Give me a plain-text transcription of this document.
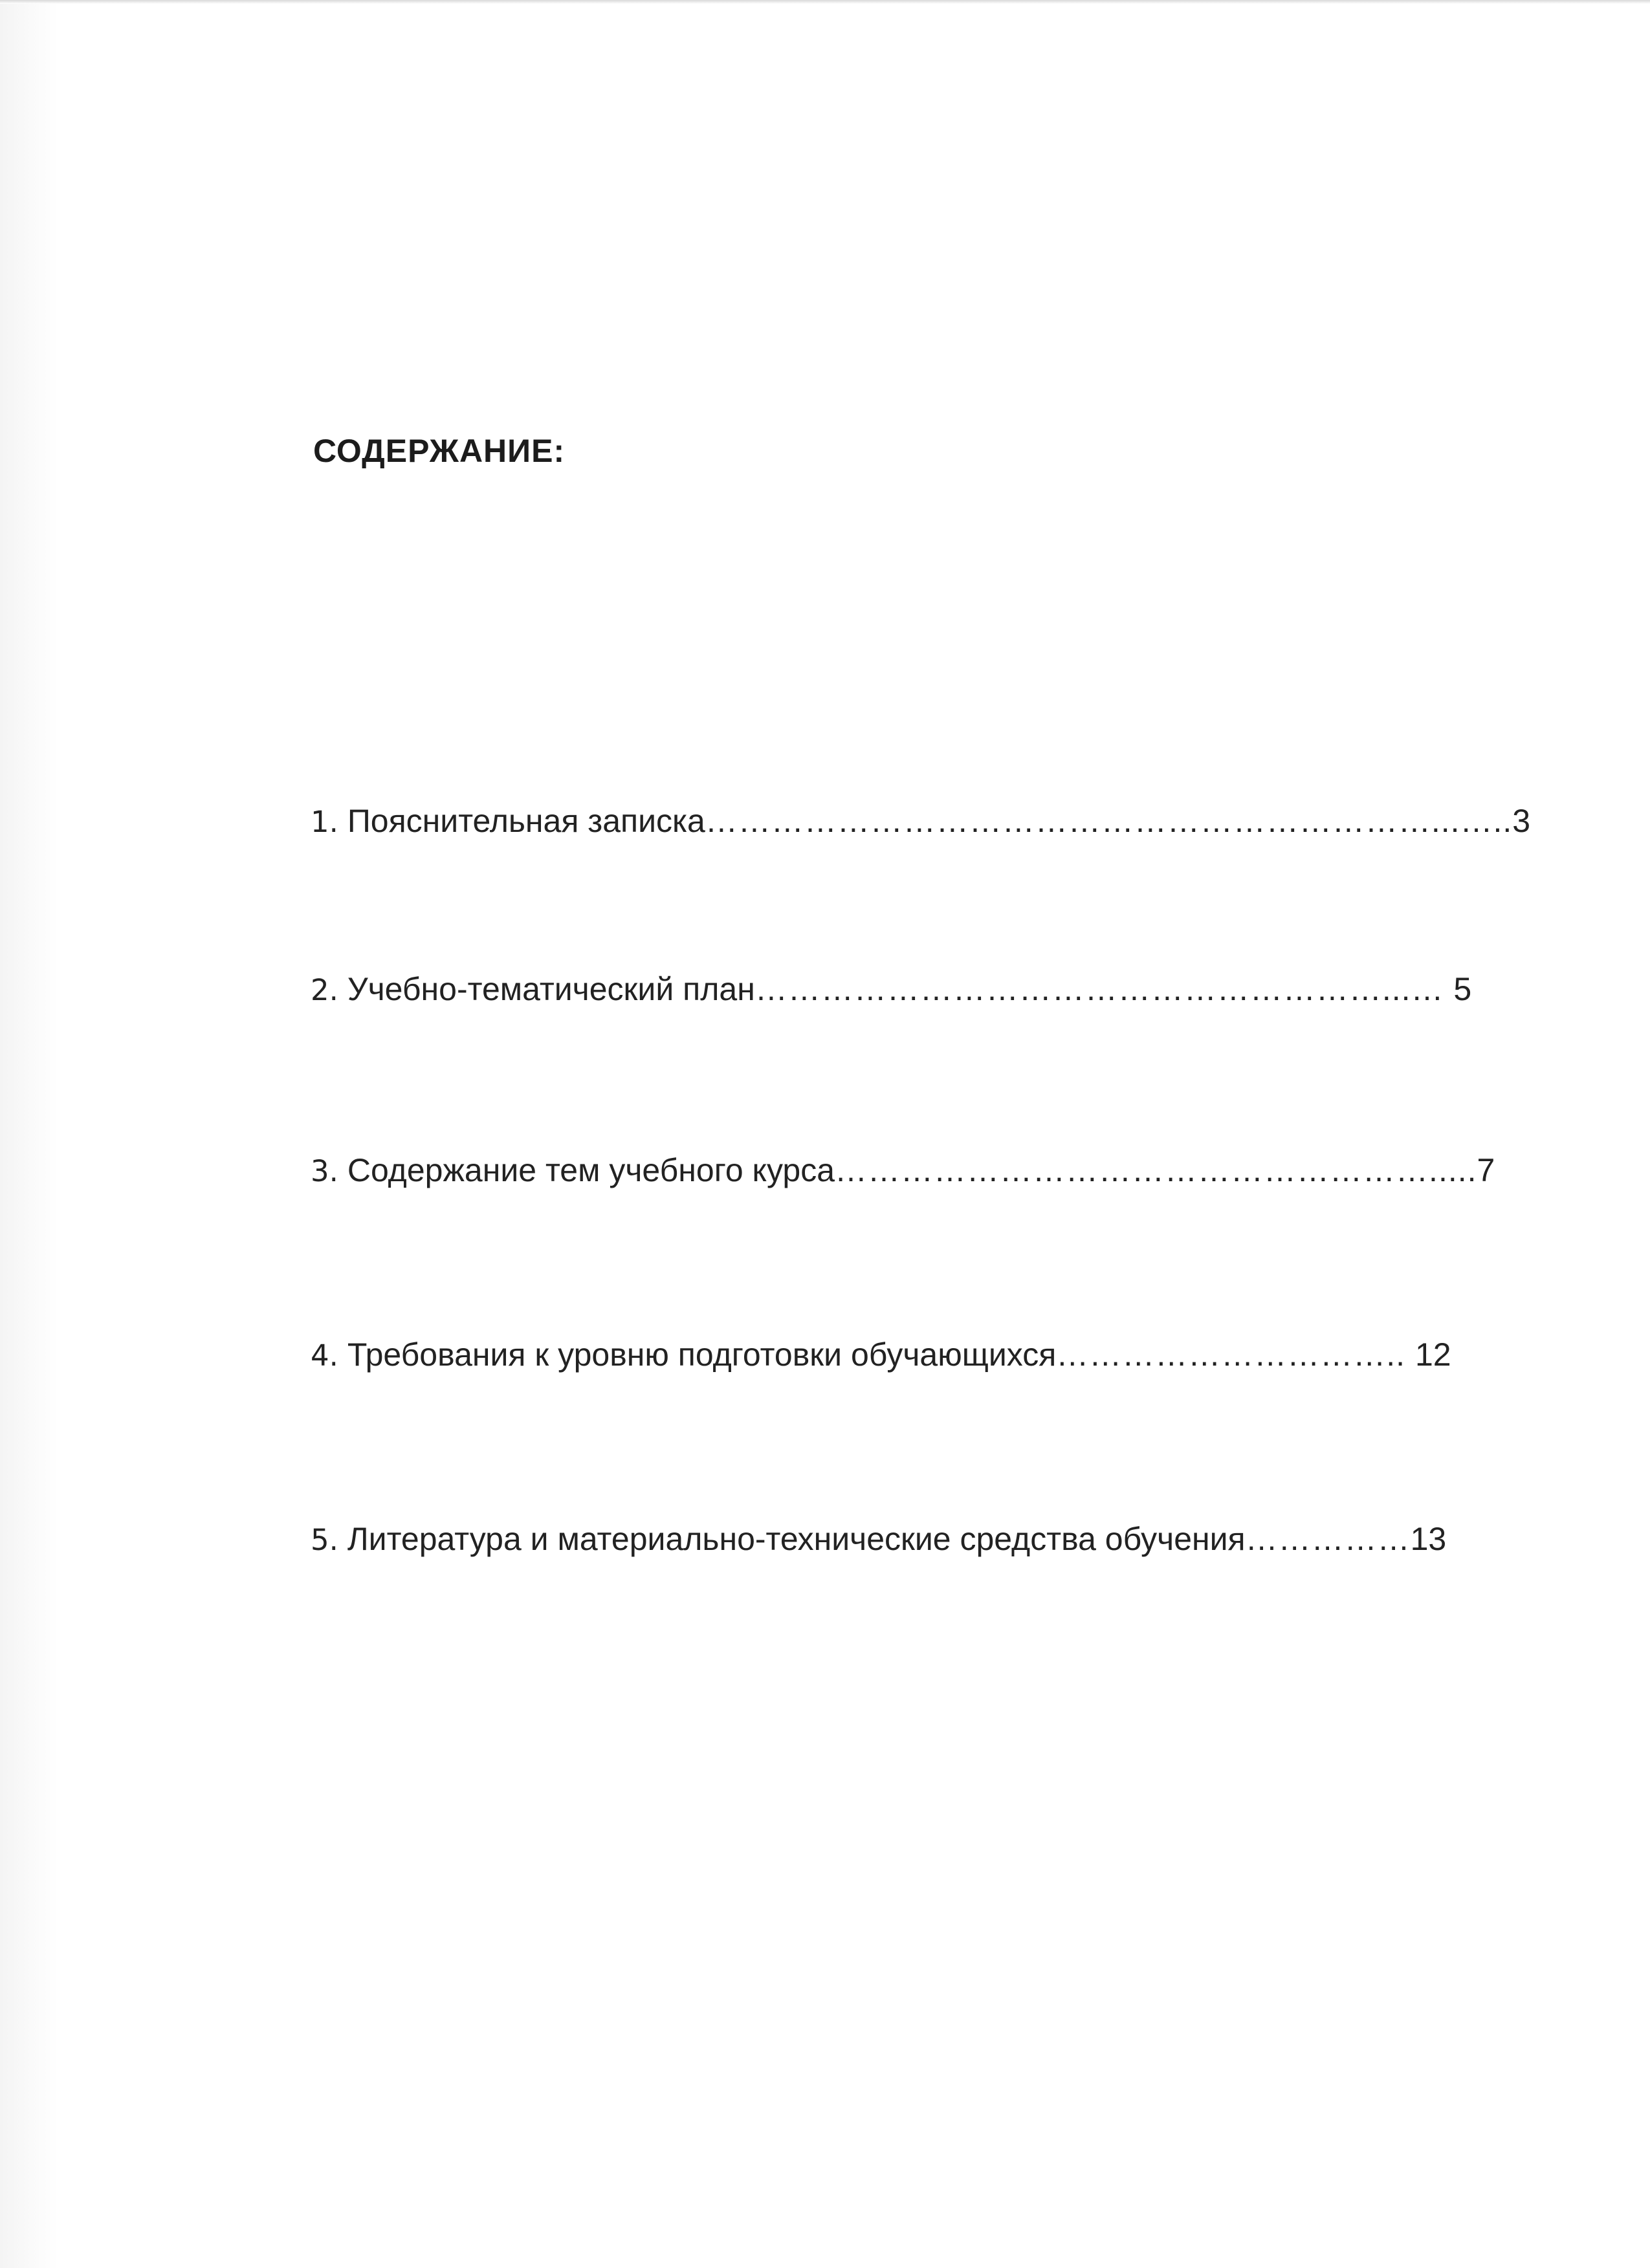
СОДЕРЖАНИЕ:
1. Пояснительная записка…………………………………………………………...…..3
2. Учебно-тематический план…………………………………………………...… 5
3. Содержание тем учебного курса……………………………………………….....7
4. Требования к уровню подготовки обучающихся………………………….. 12
5. Литература и материально-технические средства обучения……………13
